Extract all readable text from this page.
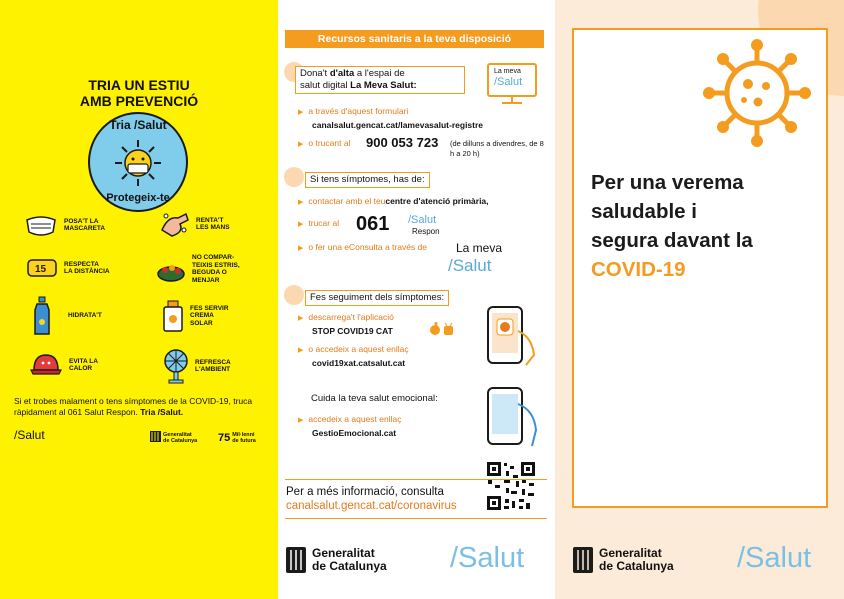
TRIA UN ESTIU
AMB PREVENCIÓ
Tria /Salut
Protegeix-te
POSA'T LA
MASCARETA
RENTA'T
LES MANS
15	RESPECTA
LA DISTÀNCIA
NO COMPAR-
TEIXIS ESTRIS,
BEGUDA O
MENJAR
HIDRATA'T
FES SERVIR
CREMA
SOLAR
EVITA LA
CALOR
REFRESCA
L'AMBIENT
Si et trobes malament o tens símptomes de la COVID-19, truca ràpidament al 061 Salut Respon. Tria /Salut.
/Salut	Generalitat
de Catalunya 75 Mil·lenni
de futura
Recursos sanitaris a la teva disposició
Dona't d'alta a l'espai de
salut digital La Meva Salut:
La meva
/Salut
▶ a través d'aquest formulari
canalsalut.gencat.cat/lamevasalut-registre
▶ o trucant al 900 053 723 (de dilluns a divendres, de 8 h a 20 h)
Si tens símptomes, has de:
▶ contactar amb el teu centre d'atenció primària,
▶ trucar al 061 /Salut
Respon
▶ o fer una eConsulta a través de La meva
/Salut
Fes seguiment dels símptomes:
▶ descarrega't l'aplicació
STOP COVID19 CAT
▶ o accedeix a aquest enllaç
covid19xat.catsalut.cat
Cuida la teva salut emocional:
▶ accedeix a aquest enllaç
GestioEmocional.cat
Per a més informació, consulta
canalsalut.gencat.cat/coronavirus
Generalitat
de Catalunya /Salut
Per una verema
saludable i
segura davant la
COVID-19
Generalitat
de Catalunya /Salut
